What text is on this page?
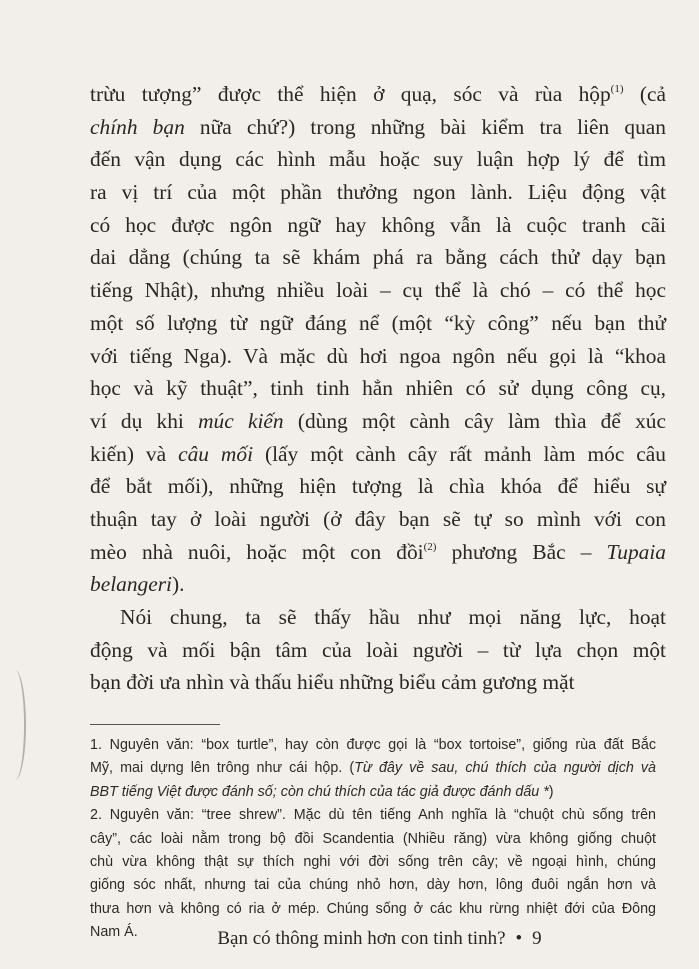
trừu tượng” được thể hiện ở quạ, sóc và rùa hộp$^{(1)}$ (cả
chính bạn nữa chứ?) trong những bài kiểm tra liên quan
đến vận dụng các hình mẫu hoặc suy luận hợp lý để tìm
ra vị trí của một phần thưởng ngon lành. Liệu động vật
có học được ngôn ngữ hay không vẫn là cuộc tranh cãi
dai dẳng (chúng ta sẽ khám phá ra bằng cách thử dạy bạn
tiếng Nhật), nhưng nhiều loài – cụ thể là chó – có thể học
một số lượng từ ngữ đáng nể (một “kỳ công” nếu bạn thử
với tiếng Nga). Và mặc dù hơi ngoa ngôn nếu gọi là “khoa
học và kỹ thuật”, tinh tinh hẳn nhiên có sử dụng công cụ,
ví dụ khi múc kiến (dùng một cành cây làm thìa để xúc
kiến) và câu mối (lấy một cành cây rất mảnh làm móc câu
để bắt mối), những hiện tượng là chìa khóa để hiểu sự
thuận tay ở loài người (ở đây bạn sẽ tự so mình với con
mèo nhà nuôi, hoặc một con đồi$^{(2)}$ phương Bắc – Tupaia
belangeri).
Nói chung, ta sẽ thấy hầu như mọi năng lực, hoạt
động và mối bận tâm của loài người – từ lựa chọn một
bạn đời ưa nhìn và thấu hiểu những biểu cảm gương mặt
1. Nguyên văn: “box turtle”, hay còn được gọi là “box tortoise”, giống rùa đất Bắc
Mỹ, mai dựng lên trông như cái hộp. (Từ đây về sau, chú thích của người dịch và
BBT tiếng Việt được đánh số; còn chú thích của tác giả được đánh dấu *)
2. Nguyên văn: “tree shrew”. Mặc dù tên tiếng Anh nghĩa là “chuột chù sống trên
cây”, các loài nằm trong bộ đồi Scandentia (Nhiều răng) vừa không giống chuột
chù vừa không thật sự thích nghi với đời sống trên cây; về ngoại hình, chúng
giống sóc nhất, nhưng tai của chúng nhỏ hơn, dày hơn, lông đuôi ngắn hơn và
thưa hơn và không có ria ở mép. Chúng sống ở các khu rừng nhiệt đới của Đông
Nam Á.	Bạn có thông minh hơn con tinh tinh? • 9
